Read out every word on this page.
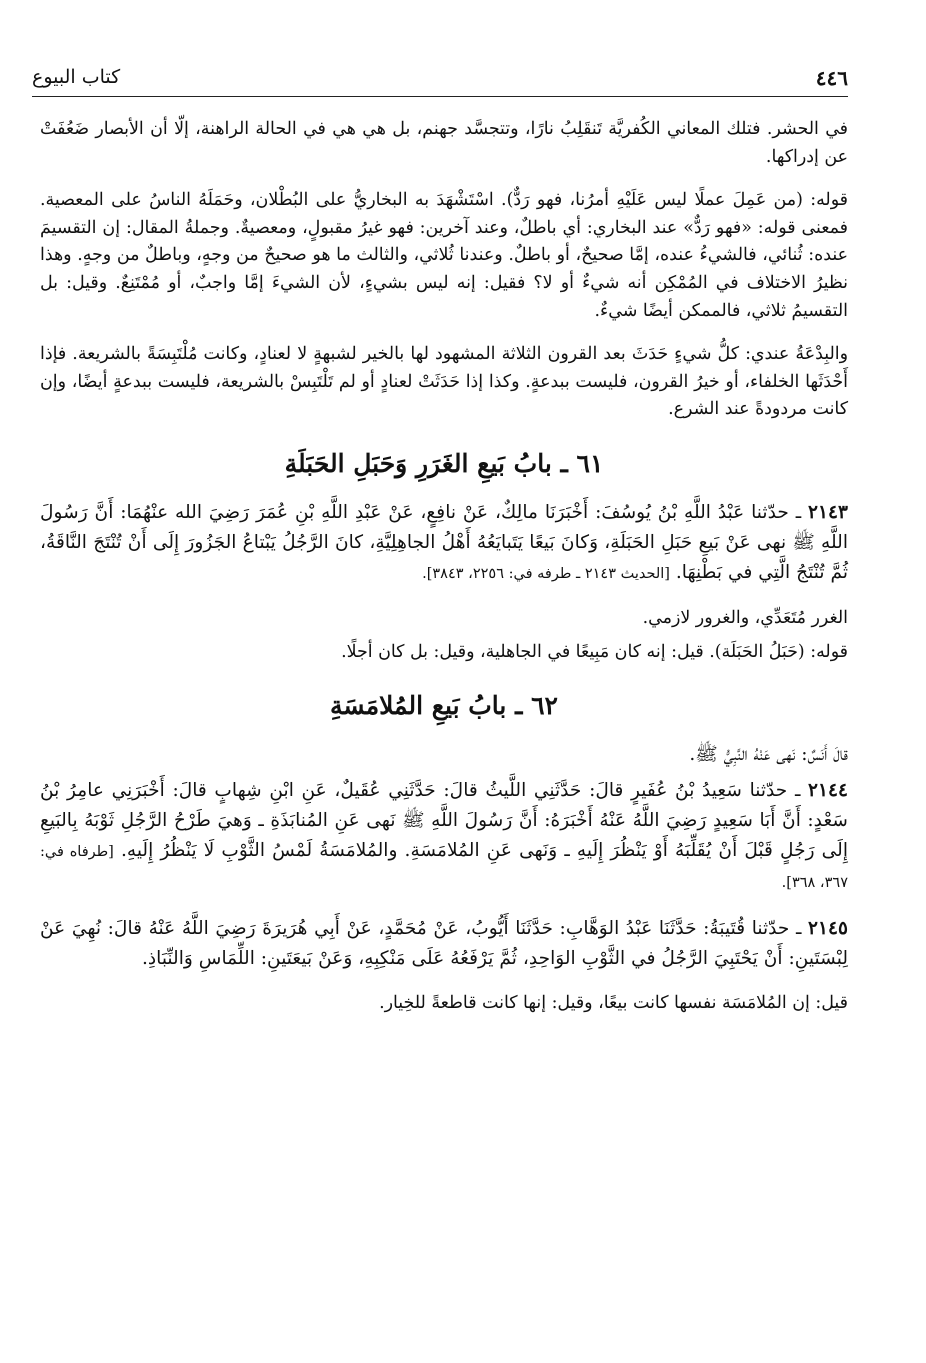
٤٤٦
كتاب البيوع

في الحشر. فتلك المعاني الكُفريَّة تَنقَلِبُ نارًا، وتتجسَّد جهنم، بل هي هي في الحالة الراهنة، إلّا أن الأبصار ضَعُفَتْ عن إدراكها.

قوله: (من عَمِلَ عملًا ليس عَلَيْهِ أمرُنا، فهو رَدٌّ). اسْتَشْهَدَ به البخاريُّ على البُطْلان، وحَمَلَهُ الناسُ على المعصية. فمعنى قوله: «فهو رَدٌّ» عند البخاري: أي باطلٌ، وعند آخرين: فهو غيرُ مقبولٍ، ومعصيةٌ. وجملةُ المقال: إن التقسيمَ عنده: ثُنائي، فالشيءُ عنده، إمَّا صحيحٌ، أو باطلٌ. وعندنا ثُلاثي، والثالث ما هو صحيحٌ من وجهٍ، وباطلٌ من وجهٍ. وهذا نظيرُ الاختلاف في المُمْكِن أنه شيءٌ أو لا؟ فقيل: إنه ليس بشيءٍ، لأن الشيءَ إمَّا واجبٌ، أو مُمْتَنِعٌ. وقيل: بل التقسيمُ ثلاثي، فالممكن أيضًا شيءٌ.

والبِدْعَةُ عندي: كلُّ شيءٍ حَدَثَ بعد القرون الثلاثة المشهود لها بالخير لشبهةٍ لا لعنادٍ، وكانت مُلْتَبِسَةً بالشريعة. فإذا أَحْدَثَها الخلفاء، أو خيرُ القرون، فليست ببدعةٍ. وكذا إذا حَدَثَتْ لعنادٍ أو لم تَلْتَبِسْ بالشريعة، فليست ببدعةٍ أيضًا، وإن كانت مردودةً عند الشرع.

٦١ ـ بابُ بَيعِ الغَرَرِ وَحَبَلِ الحَبَلَةِ

٢١٤٣ ـ حدّثنا عَبْدُ اللَّهِ بْنُ يُوسُفَ: أَخْبَرَنَا مالِكٌ، عَنْ نافِعٍ، عَنْ عَبْدِ اللَّهِ بْنِ عُمَرَ رَضِيَ الله عنْهُمَا: أَنَّ رَسُولَ اللَّهِ ﷺ نهى عَنْ بَيعِ حَبَلِ الحَبَلَةِ، وَكانَ بَيعًا يَتَبايَعُهُ أَهْلُ الجاهِلِيَّةِ، كانَ الرَّجُلُ يَبْتاعُ الجَزُورَ إِلَى أَنْ تُنْتَجَ النَّاقَةُ، ثُمَّ تُنْتَجُ الَّتِي في بَطْنِهَا. [الحديث ٢١٤٣ ـ طرفه في: ٢٢٥٦، ٣٨٤٣].

الغرر مُتَعَدِّي، والغرور لازمي.

قوله: (حَبَلُ الحَبَلَة). قيل: إنه كان مَبِيعًا في الجاهلية، وقيل: بل كان أجلًا.

٦٢ ـ بابُ بَيعِ المُلامَسَةِ

قالَ أَنَسٌ: نَهى عَنْهُ النَّبِيُّ ﷺ.

٢١٤٤ ـ حدّثنا سَعِيدُ بْنُ عُفَيرٍ قالَ: حَدَّثَنِي اللَّيثُ قالَ: حَدَّثَنِي عُقَيلٌ، عَنِ ابْنِ شِهابٍ قالَ: أَخْبَرَنِي عامِرُ بْنُ سَعْدٍ: أَنَّ أَبَا سَعِيدٍ رَضِيَ اللَّهُ عَنْهُ أَخْبَرَهُ: أَنَّ رَسُولَ اللَّهِ ﷺ نَهى عَنِ المُنابَذَةِ ـ وَهيَ طَرْحُ الرَّجُلِ ثَوْبَهُ بِالبَيعِ إِلَى رَجُلٍ قَبْلَ أَنْ يُقَلِّبَهُ أَوْ يَنْظُرَ إِلَيهِ ـ وَنَهى عَنِ المُلامَسَةِ. والمُلامَسَةُ لَمْسُ الثَّوْبِ لَا يَنْظُرُ إِلَيهِ. [طرفاه في: ٣٦٧، ٣٦٨].

٢١٤٥ ـ حدّثنا قُتَيبَةُ: حَدَّثَنَا عَبْدُ الوَهَّابِ: حَدَّثَنَا أَيُّوبُ، عَنْ مُحَمَّدٍ، عَنْ أَبِي هُرَيرَةَ رَضِيَ اللَّهُ عَنْهُ قالَ: نُهِيَ عَنْ لِبْسَتَينِ: أَنْ يَحْتَبِيَ الرَّجُلُ في الثَّوْبِ الوَاحِدِ، ثُمَّ يَرْفَعُهُ عَلَى مَنْكِبِهِ، وَعَنْ بَيعَتَينِ: اللِّمَاسِ وَالنِّبَاذِ.

قيل: إن المُلامَسَة نفسها كانت بيعًا، وقيل: إنها كانت قاطعةً للخِيار.
